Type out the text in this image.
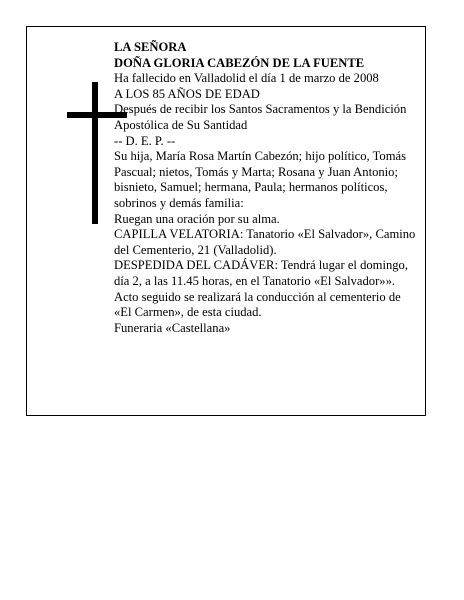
LA SEÑORA

DOÑA GLORIA CABEZÓN DE LA FUENTE

Ha fallecido en Valladolid el día 1 de marzo de 2008

A LOS 85 AÑOS DE EDAD

Después de recibir los Santos Sacramentos y la Bendición Apostólica de Su Santidad

-- D. E. P. --

Su hija, María Rosa Martín Cabezón; hijo político, Tomás Pascual; nietos, Tomás y Marta; Rosana y Juan Antonio; bisnieto, Samuel; hermana, Paula; hermanos políticos, sobrinos y demás familia:

Ruegan una oración por su alma.

CAPILLA VELATORIA: Tanatorio «El Salvador», Camino del Cementerio, 21 (Valladolid).

DESPEDIDA DEL CADÁVER: Tendrá lugar el domingo, día 2, a las 11.45 horas, en el Tanatorio «El Salvador»». Acto seguido se realizará la conducción al cementerio de «El Carmen», de esta ciudad.

Funeraria «Castellana»
